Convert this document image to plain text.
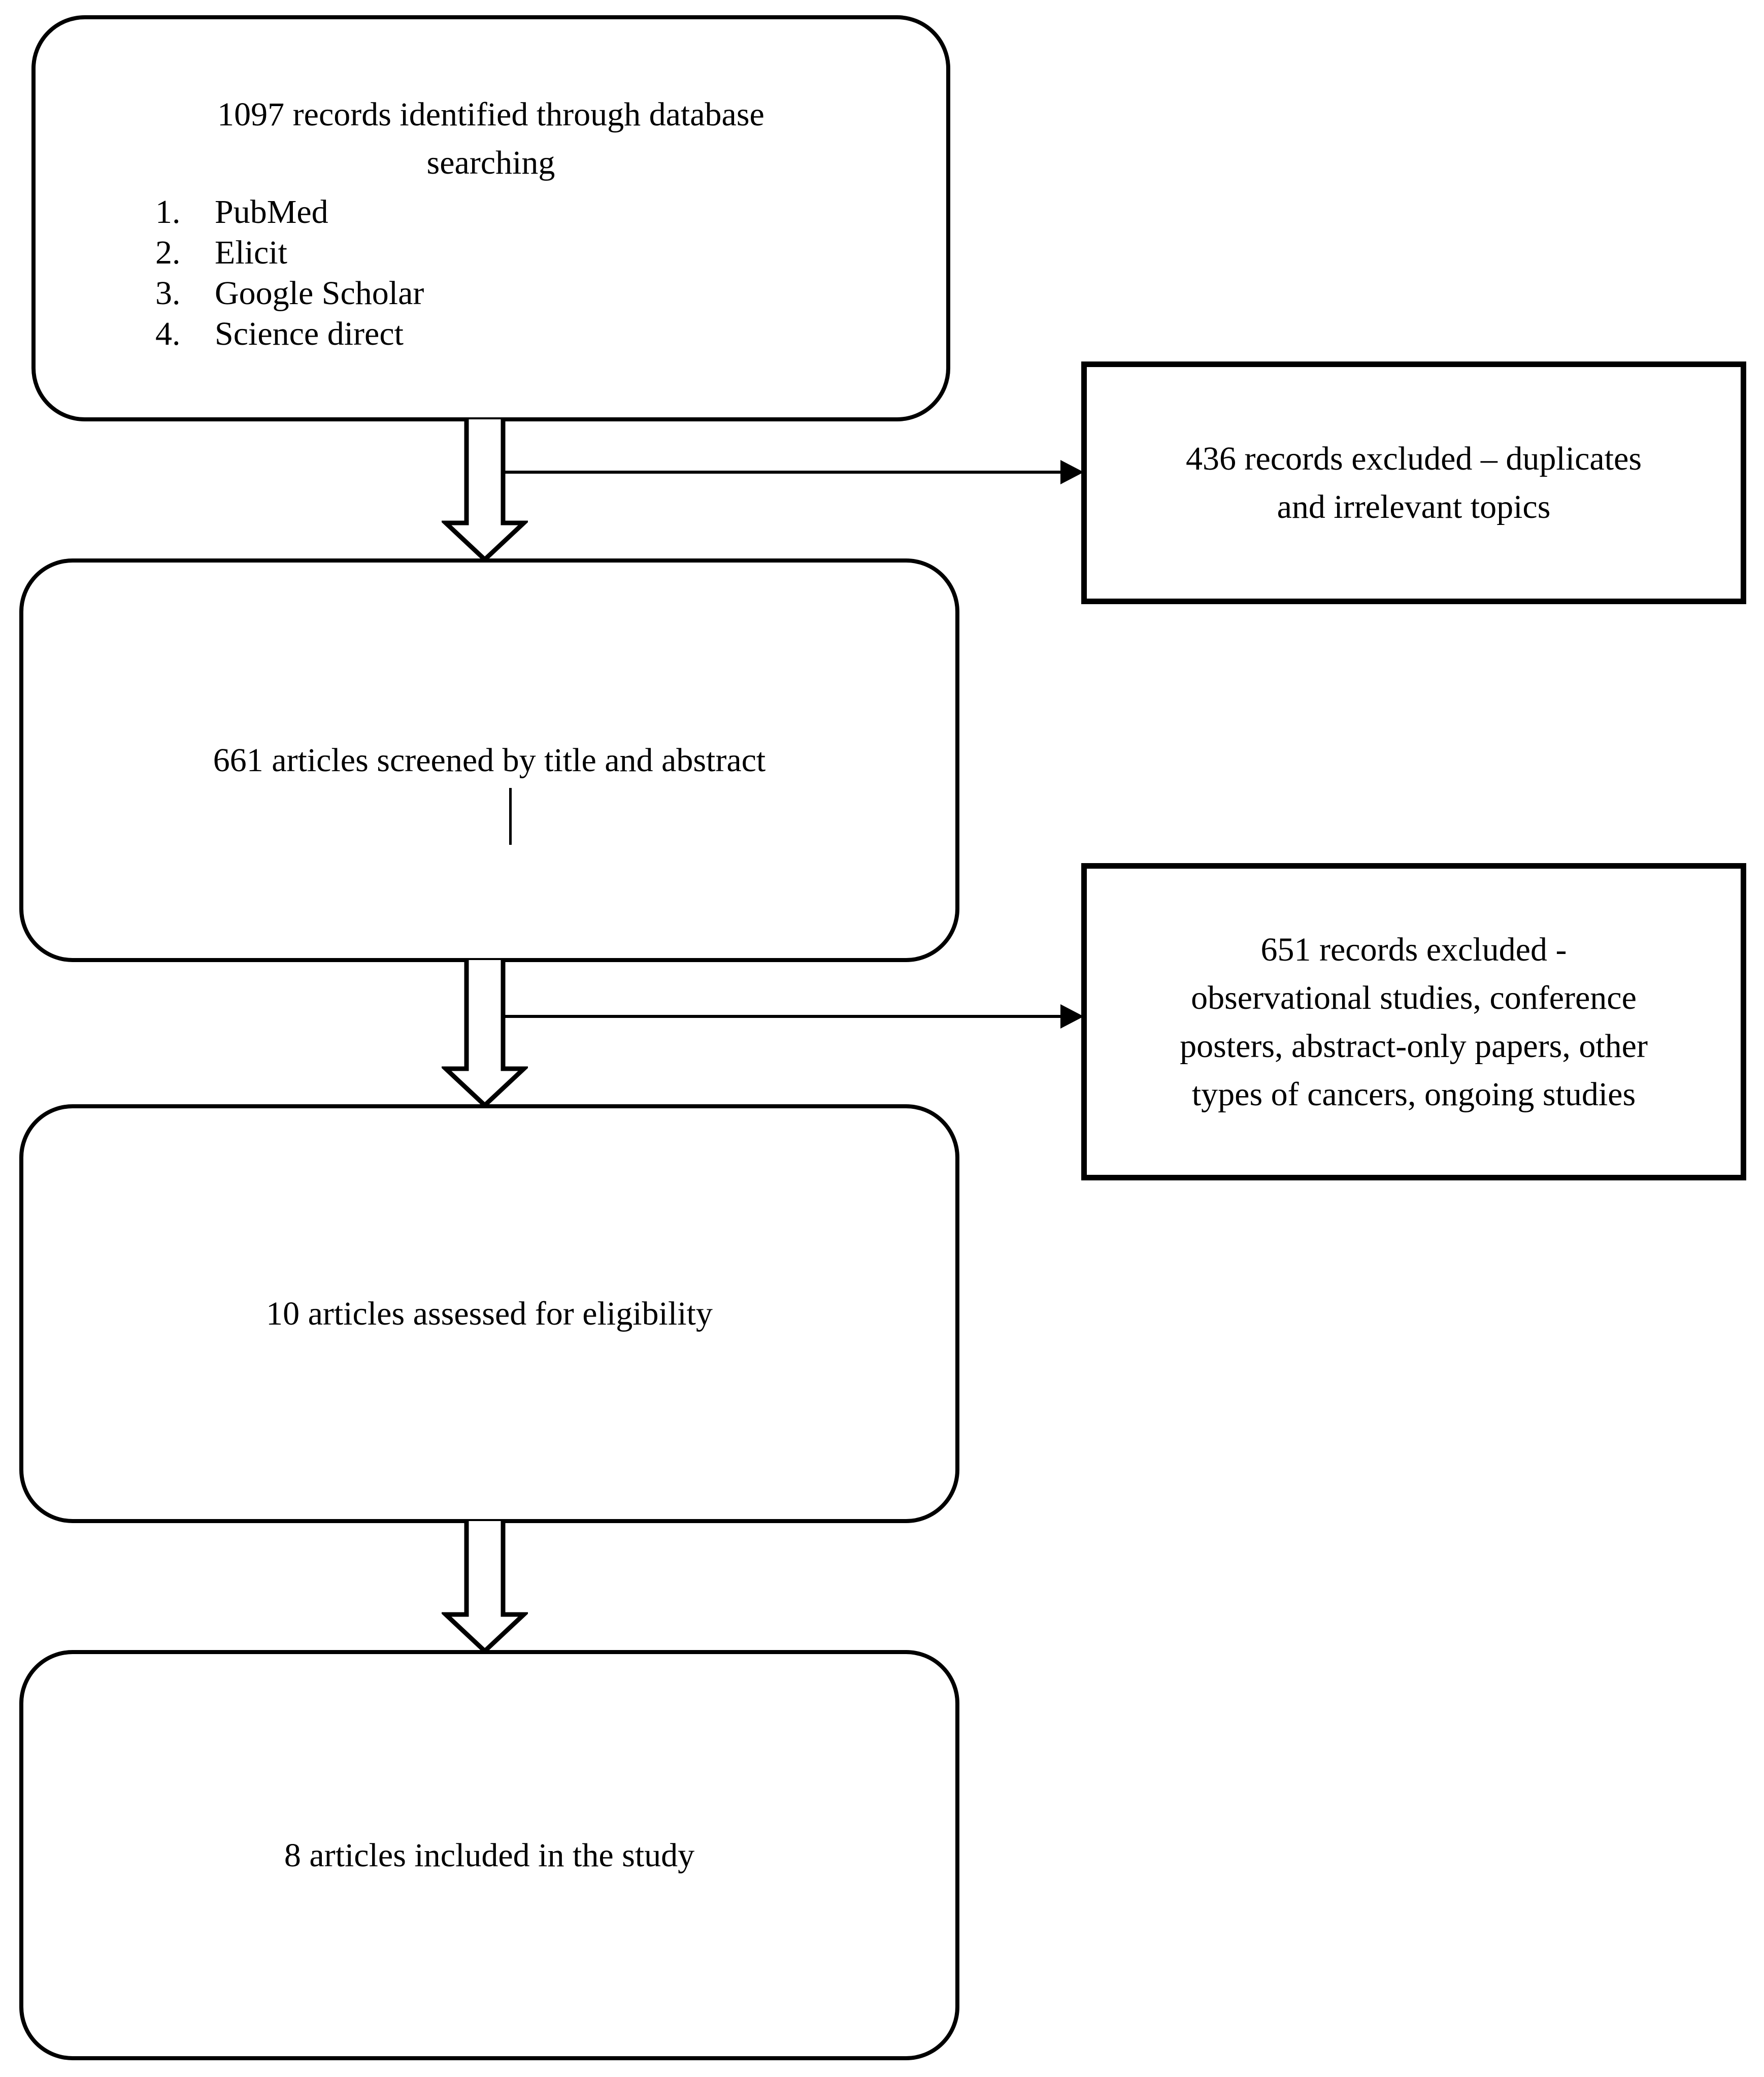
1097 records identified through database
searching
1. PubMed
2. Elicit
3. Google Scholar
4. Science direct
436 records excluded – duplicates
and irrelevant topics
661 articles screened by title and abstract
651 records excluded -
observational studies, conference
posters, abstract-only papers, other
types of cancers, ongoing studies
10 articles assessed for eligibility
8 articles included in the study
